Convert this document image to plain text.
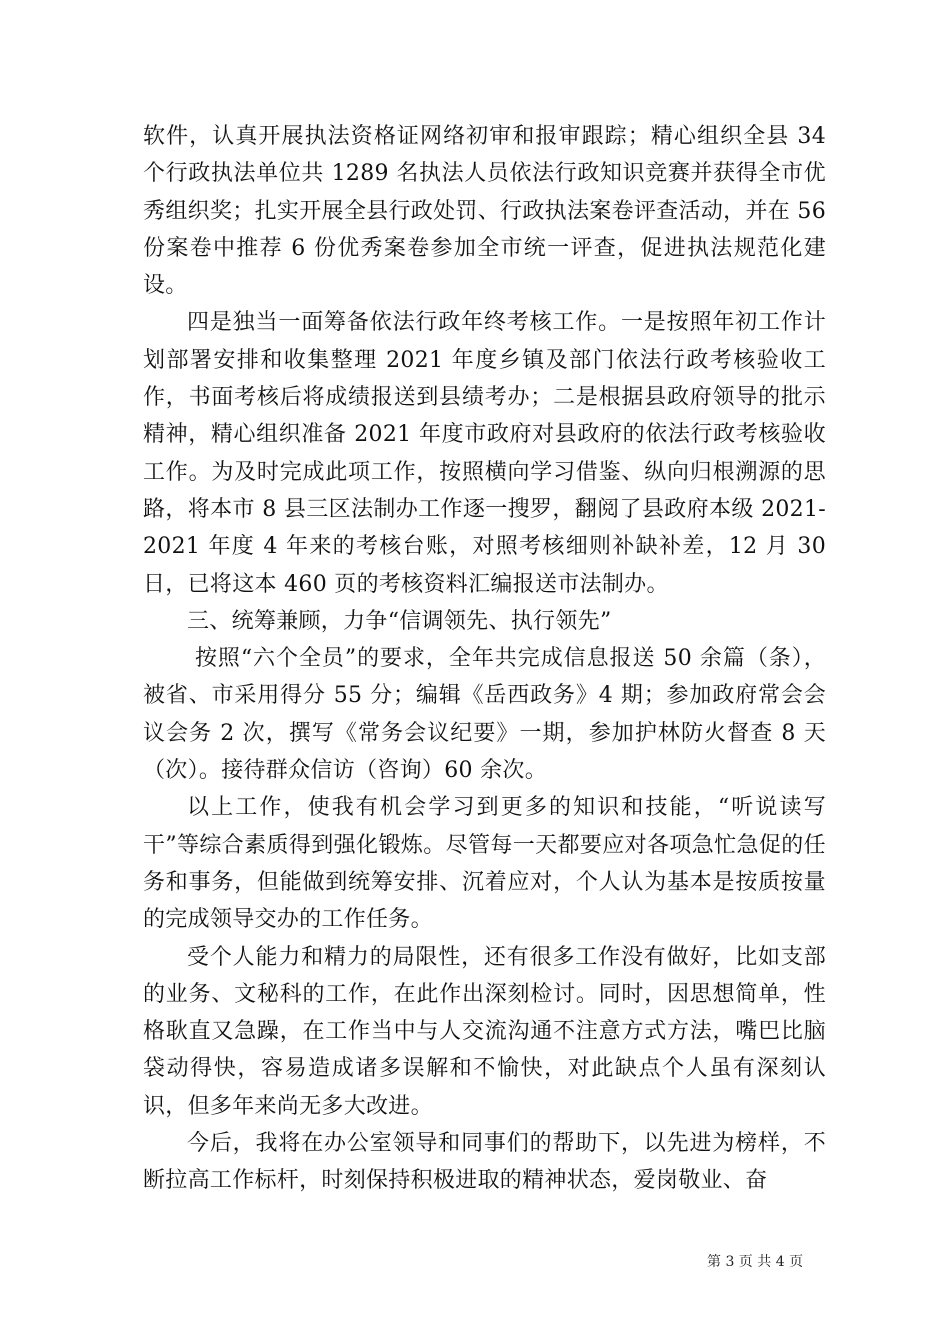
软件，认真开展执法资格证网络初审和报审跟踪；精心组织全县 34 个行政执法单位共 1289 名执法人员依法行政知识竞赛并获得全市优秀组织奖；扎实开展全县行政处罚、行政执法案卷评查活动，并在 56 份案卷中推荐 6 份优秀案卷参加全市统一评查，促进执法规范化建设。

四是独当一面筹备依法行政年终考核工作。一是按照年初工作计划部署安排和收集整理 2021 年度乡镇及部门依法行政考核验收工作，书面考核后将成绩报送到县绩考办；二是根据县政府领导的批示精神，精心组织准备 2021 年度市政府对县政府的依法行政考核验收工作。为及时完成此项工作，按照横向学习借鉴、纵向归根溯源的思路，将本市 8 县三区法制办工作逐一搜罗，翻阅了县政府本级 2021-2021 年度 4 年来的考核台账，对照考核细则补缺补差，12 月 30 日，已将这本 460 页的考核资料汇编报送市法制办。

三、统筹兼顾，力争“信调领先、执行领先”

按照“六个全员”的要求，全年共完成信息报送 50 余篇（条），被省、市采用得分 55 分；编辑《岳西政务》4 期；参加政府常会会议会务 2 次，撰写《常务会议纪要》一期，参加护林防火督查 8 天（次）。接待群众信访（咨询）60 余次。

以上工作，使我有机会学习到更多的知识和技能，“听说读写干”等综合素质得到强化锻炼。尽管每一天都要应对各项急忙急促的任务和事务，但能做到统筹安排、沉着应对，个人认为基本是按质按量的完成领导交办的工作任务。

受个人能力和精力的局限性，还有很多工作没有做好，比如支部的业务、文秘科的工作，在此作出深刻检讨。同时，因思想简单，性格耿直又急躁，在工作当中与人交流沟通不注意方式方法，嘴巴比脑袋动得快，容易造成诸多误解和不愉快，对此缺点个人虽有深刻认识，但多年来尚无多大改进。

今后，我将在办公室领导和同事们的帮助下，以先进为榜样，不断拉高工作标杆，时刻保持积极进取的精神状态，爱岗敬业、奋

第 3 页 共 4 页
